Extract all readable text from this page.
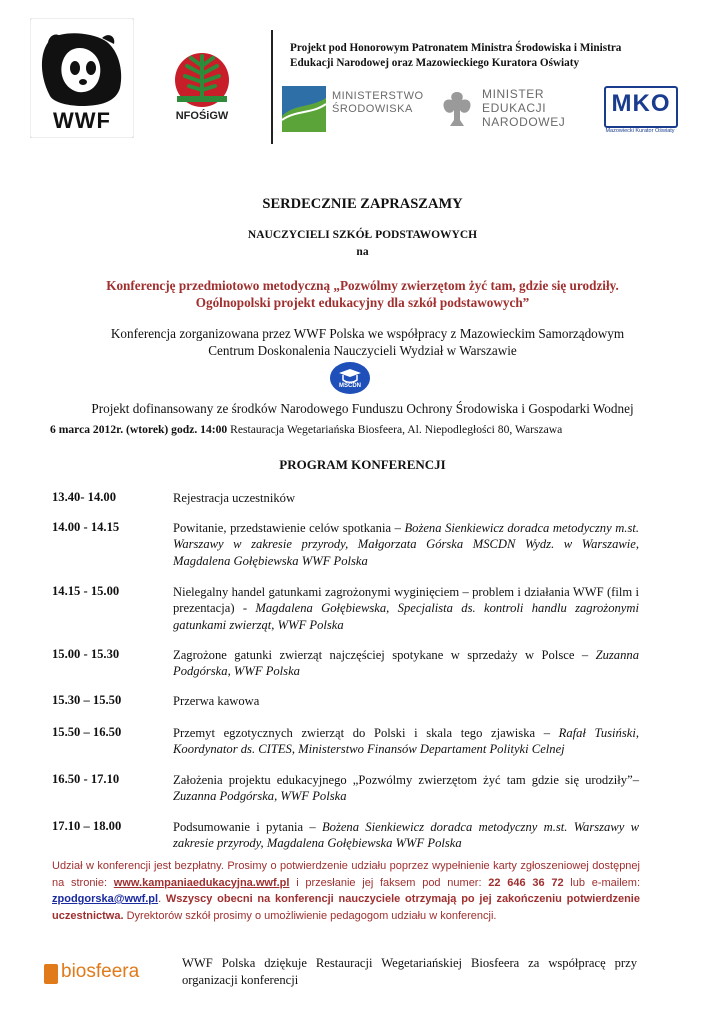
WWF	NFOŚiGW
Projekt pod Honorowym Patronatem Ministra Środowiska i Ministra
Edukacji Narodowej oraz Mazowieckiego Kuratora Oświaty
MINISTERSTWO
ŚRODOWISKA
MINISTER
EDUKACJI
NARODOWEJ
MKO
Mazowiecki Kurator Oświaty
SERDECZNIE ZAPRASZAMY
NAUCZYCIELI SZKÓŁ PODSTAWOWYCH
na
Konferencję przedmiotowo metodyczną „Pozwólmy zwierzętom żyć tam, gdzie się urodziły.
Ogólnopolski projekt edukacyjny dla szkół podstawowych”
Konferencja zorganizowana przez WWF Polska we współpracy z Mazowieckim Samorządowym
Centrum Doskonalenia Nauczycieli Wydział w Warszawie
MSCDN
Projekt dofinansowany ze środków Narodowego Funduszu Ochrony Środowiska i Gospodarki Wodnej
6 marca 2012r. (wtorek) godz. 14:00 Restauracja Wegetariańska Biosfeera, Al. Niepodległości 80, Warszawa
PROGRAM KONFERENCJI
13.40- 14.00	Rejestracja uczestników
14.00 - 14.15	Powitanie, przedstawienie celów spotkania – Bożena Sienkiewicz doradca metodyczny m.st. Warszawy w zakresie przyrody, Małgorzata Górska MSCDN Wydz. w Warszawie, Magdalena Gołębiewska WWF Polska
14.15 - 15.00	Nielegalny handel gatunkami zagrożonymi wyginięciem – problem i działania WWF (film i prezentacja) - Magdalena Gołębiewska, Specjalista ds. kontroli handlu zagrożonymi gatunkami zwierząt, WWF Polska
15.00 - 15.30	Zagrożone gatunki zwierząt najczęściej spotykane w sprzedaży w Polsce – Zuzanna Podgórska, WWF Polska
15.30 – 15.50	Przerwa kawowa
15.50 – 16.50	Przemyt egzotycznych zwierząt do Polski i skala tego zjawiska – Rafał Tusiński, Koordynator ds. CITES, Ministerstwo Finansów Departament Polityki Celnej
16.50 - 17.10	Założenia projektu edukacyjnego „Pozwólmy zwierzętom żyć tam gdzie się urodziły”– Zuzanna Podgórska, WWF Polska
17.10 – 18.00	Podsumowanie i pytania – Bożena Sienkiewicz doradca metodyczny m.st. Warszawy w zakresie przyrody, Magdalena Gołębiewska WWF Polska
Udział w konferencji jest bezpłatny. Prosimy o potwierdzenie udziału poprzez wypełnienie karty zgłoszeniowej dostępnej na stronie: www.kampaniaedukacyjna.wwf.pl i przesłanie jej faksem pod numer: 22 646 36 72 lub e-mailem: zpodgorska@wwf.pl. Wszyscy obecni na konferencji nauczyciele otrzymają po jej zakończeniu potwierdzenie uczestnictwa. Dyrektorów szkół prosimy o umożliwienie pedagogom udziału w konferencji.
biosfeera	WWF Polska dziękuje Restauracji Wegetariańskiej Biosfeera za współpracę przy organizacji konferencji
